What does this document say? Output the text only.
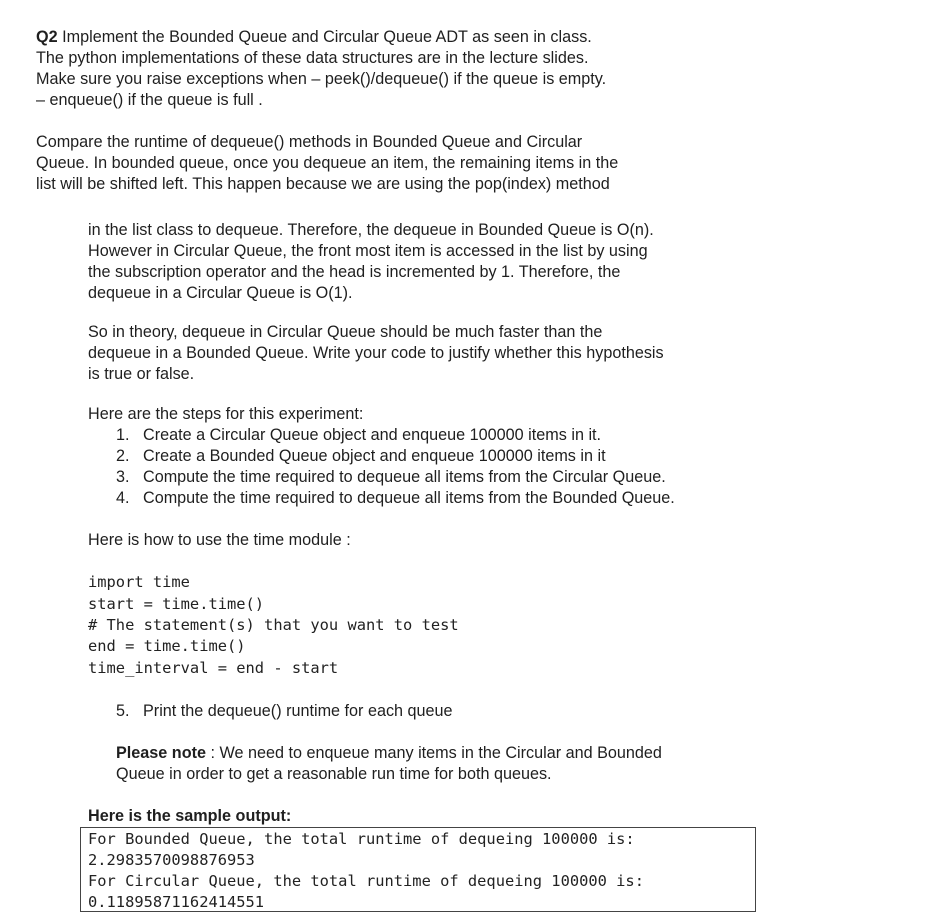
Q2 Implement the Bounded Queue and Circular Queue ADT as seen in class.
The python implementations of these data structures are in the lecture slides.
Make sure you raise exceptions when – peek()/dequeue() if the queue is empty.
– enqueue() if the queue is full .
Compare the runtime of dequeue() methods in Bounded Queue and Circular
Queue. In bounded queue, once you dequeue an item, the remaining items in the
list will be shifted left. This happen because we are using the pop(index) method
in the list class to dequeue. Therefore, the dequeue in Bounded Queue is O(n).
However in Circular Queue, the front most item is accessed in the list by using
the subscription operator and the head is incremented by 1. Therefore, the
dequeue in a Circular Queue is O(1).
So in theory, dequeue in Circular Queue should be much faster than the
dequeue in a Bounded Queue. Write your code to justify whether this hypothesis
is true or false.
Here are the steps for this experiment:
1. Create a Circular Queue object and enqueue 100000 items in it.
2. Create a Bounded Queue object and enqueue 100000 items in it
3. Compute the time required to dequeue all items from the Circular Queue.
4. Compute the time required to dequeue all items from the Bounded Queue.
Here is how to use the time module :
import time
start = time.time()
# The statement(s) that you want to test
end = time.time()
time_interval = end - start
5. Print the dequeue() runtime for each queue
Please note : We need to enqueue many items in the Circular and Bounded
Queue in order to get a reasonable run time for both queues.
Here is the sample output:
For Bounded Queue, the total runtime of dequeing 100000 is:
2.2983570098876953
For Circular Queue, the total runtime of dequeing 100000 is:
0.11895871162414551
